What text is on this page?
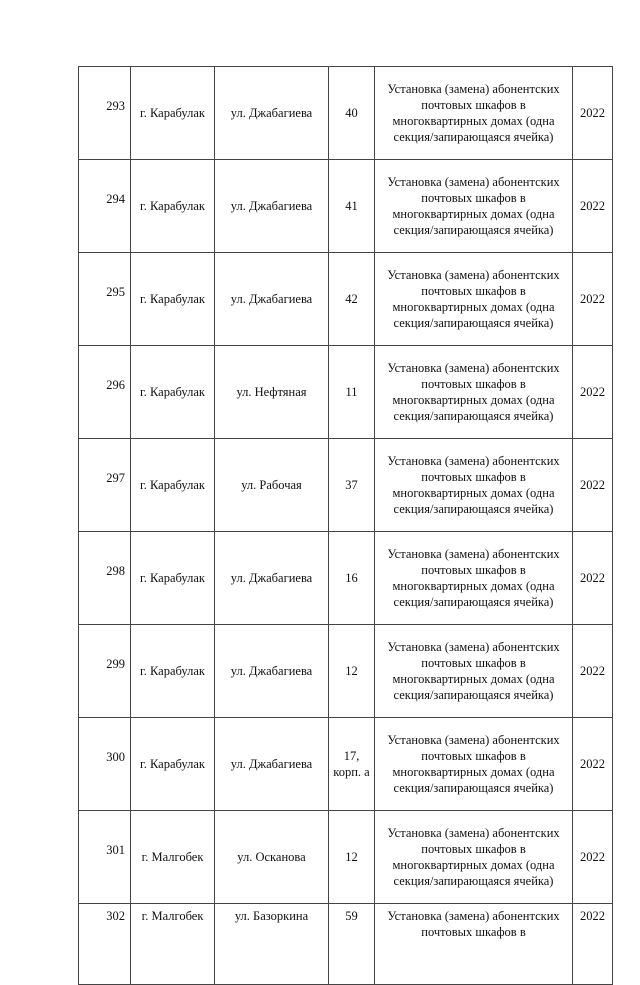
293	г. Карабулак	ул. Джабагиева	40	Установка (замена) абонентских почтовых шкафов в многоквартирных домах (одна секция/запирающаяся ячейка)	2022
294	г. Карабулак	ул. Джабагиева	41	Установка (замена) абонентских почтовых шкафов в многоквартирных домах (одна секция/запирающаяся ячейка)	2022
295	г. Карабулак	ул. Джабагиева	42	Установка (замена) абонентских почтовых шкафов в многоквартирных домах (одна секция/запирающаяся ячейка)	2022
296	г. Карабулак	ул. Нефтяная	11	Установка (замена) абонентских почтовых шкафов в многоквартирных домах (одна секция/запирающаяся ячейка)	2022
297	г. Карабулак	ул. Рабочая	37	Установка (замена) абонентских почтовых шкафов в многоквартирных домах (одна секция/запирающаяся ячейка)	2022
298	г. Карабулак	ул. Джабагиева	16	Установка (замена) абонентских почтовых шкафов в многоквартирных домах (одна секция/запирающаяся ячейка)	2022
299	г. Карабулак	ул. Джабагиева	12	Установка (замена) абонентских почтовых шкафов в многоквартирных домах (одна секция/запирающаяся ячейка)	2022
300	г. Карабулак	ул. Джабагиева	17, корп. а	Установка (замена) абонентских почтовых шкафов в многоквартирных домах (одна секция/запирающаяся ячейка)	2022
301	г. Малгобек	ул. Осканова	12	Установка (замена) абонентских почтовых шкафов в многоквартирных домах (одна секция/запирающаяся ячейка)	2022
302	г. Малгобек	ул. Базоркина	59	Установка (замена) абонентских почтовых шкафов в	2022
